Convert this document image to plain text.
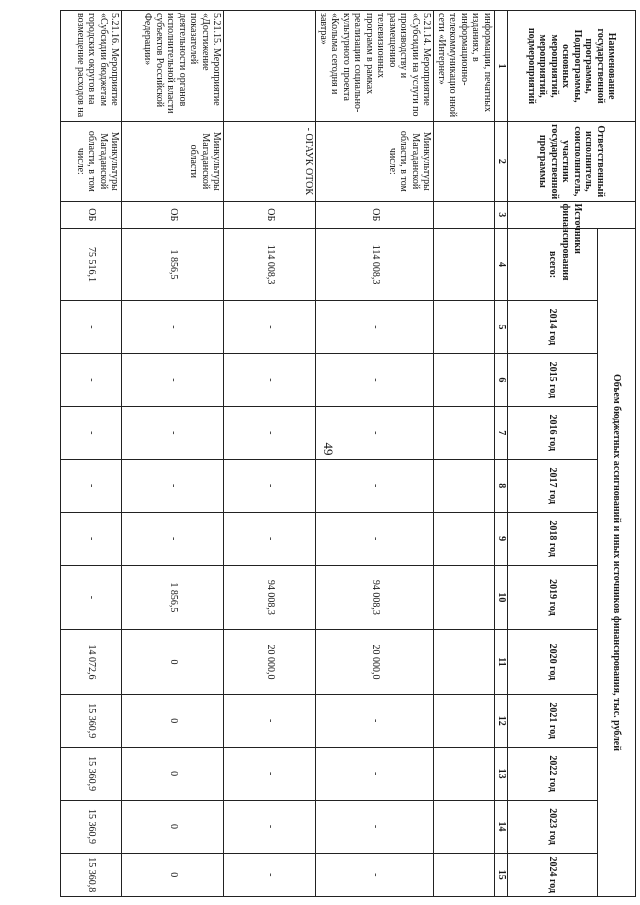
49
Наименование государственной программы, Подпрограммы, основных мероприятий, мероприятий, подмероприятий	Ответственный исполнитель, соисполнитель, участник государственной программы	Источники финансирования	Объем бюджетных ассигнований и иных источников финансирования, тыс. рублей											
			всего:	2014 год	2015 год	2016 год	2017 год	2018 год	2019 год	2020 год	2021 год	2022 год	2023 год	2024 год
1	2	3	4	5	6	7	8	9	10	11	12	13	14	15
информации, печатных изданиях, в информационно-телекоммуникацио нной сети «Интернет»														
5.21.14. Мероприятие «Субсидии на услуги по производству и размещению телевизионных программ в рамках реализации социально-культурного проекта «Колыма сегодня и завтра»	Минкультуры Магаданской области, в том числе:	ОБ	114 008,3	-	-	-	-	-	94 008,3	20 000,0	-	-	-	-
	- ОГАУК ОТОК	ОБ	114 008,3	-	-	-	-	-	94 008,3	20 000,0	-	-	-	-
5.21.15. Мероприятие «Достижение показателей деятельности органов исполнительной власти субъектов Российской Федерации»	Минкультуры Магаданской области	ОБ	1 856,5	-	-	-	-	-	1 856,5	0	0	0	0	0
5.21.16. Мероприятие «Субсидии бюджетам городских округов на возмещение расходов на	Минкультуры Магаданской области, в том числе:	ОБ	75 516,1	-	-	-	-	-	-	14 072,6	15 360,9	15 360,9	15 360,9	15 360,8
